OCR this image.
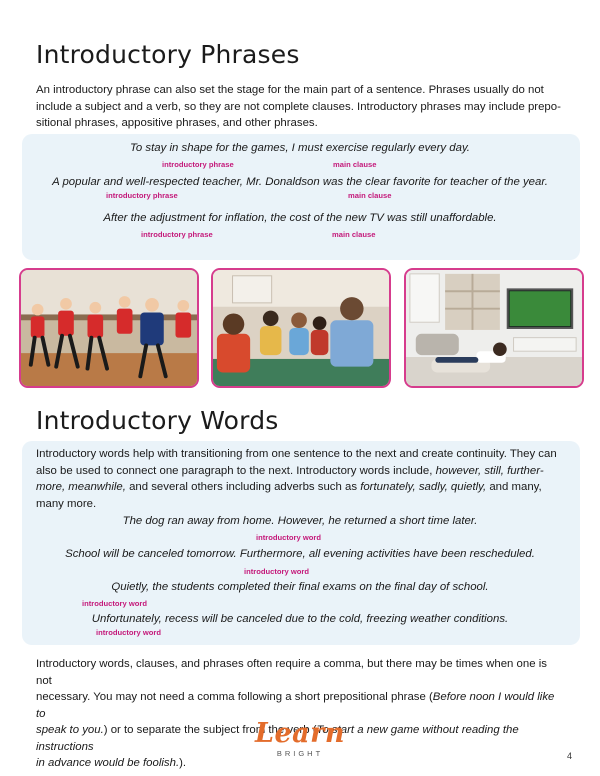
Introductory Phrases
An introductory phrase can also set the stage for the main part of a sentence. Phrases usually do not
include a subject and a verb, so they are not complete clauses. Introductory phrases may include prepo-
sitional phrases, appositive phrases, and other phrases.
To stay in shape for the games, I must exercise regularly every day.
introductory phrase	main clause
A popular and well-respected teacher, Mr. Donaldson was the clear favorite for teacher of the year.
introductory phrase	main clause
After the adjustment for inflation, the cost of the new TV was still unaffordable.
introductory phrase	main clause
Introductory Words
Introductory words help with transitioning from one sentence to the next and create continuity. They can
also be used to connect one paragraph to the next. Introductory words include, however, still, further-
more, meanwhile, and several others including adverbs such as fortunately, sadly, quietly, and many,
many more.
The dog ran away from home. However, he returned a short time later.
introductory word
School will be canceled tomorrow. Furthermore, all evening activities have been rescheduled.
introductory word
Quietly, the students completed their final exams on the final day of school.
introductory word
Unfortunately, recess will be canceled due to the cold, freezing weather conditions.
introductory word
Introductory words, clauses, and phrases often require a comma, but there may be times when one is not
necessary. You may not need a comma following a short prepositional phrase (Before noon I would like to
speak to you.) or to separate the subject from the verb (To start a new game without reading the instructions
in advance would be foolish.).
Learn
BRIGHT	4
